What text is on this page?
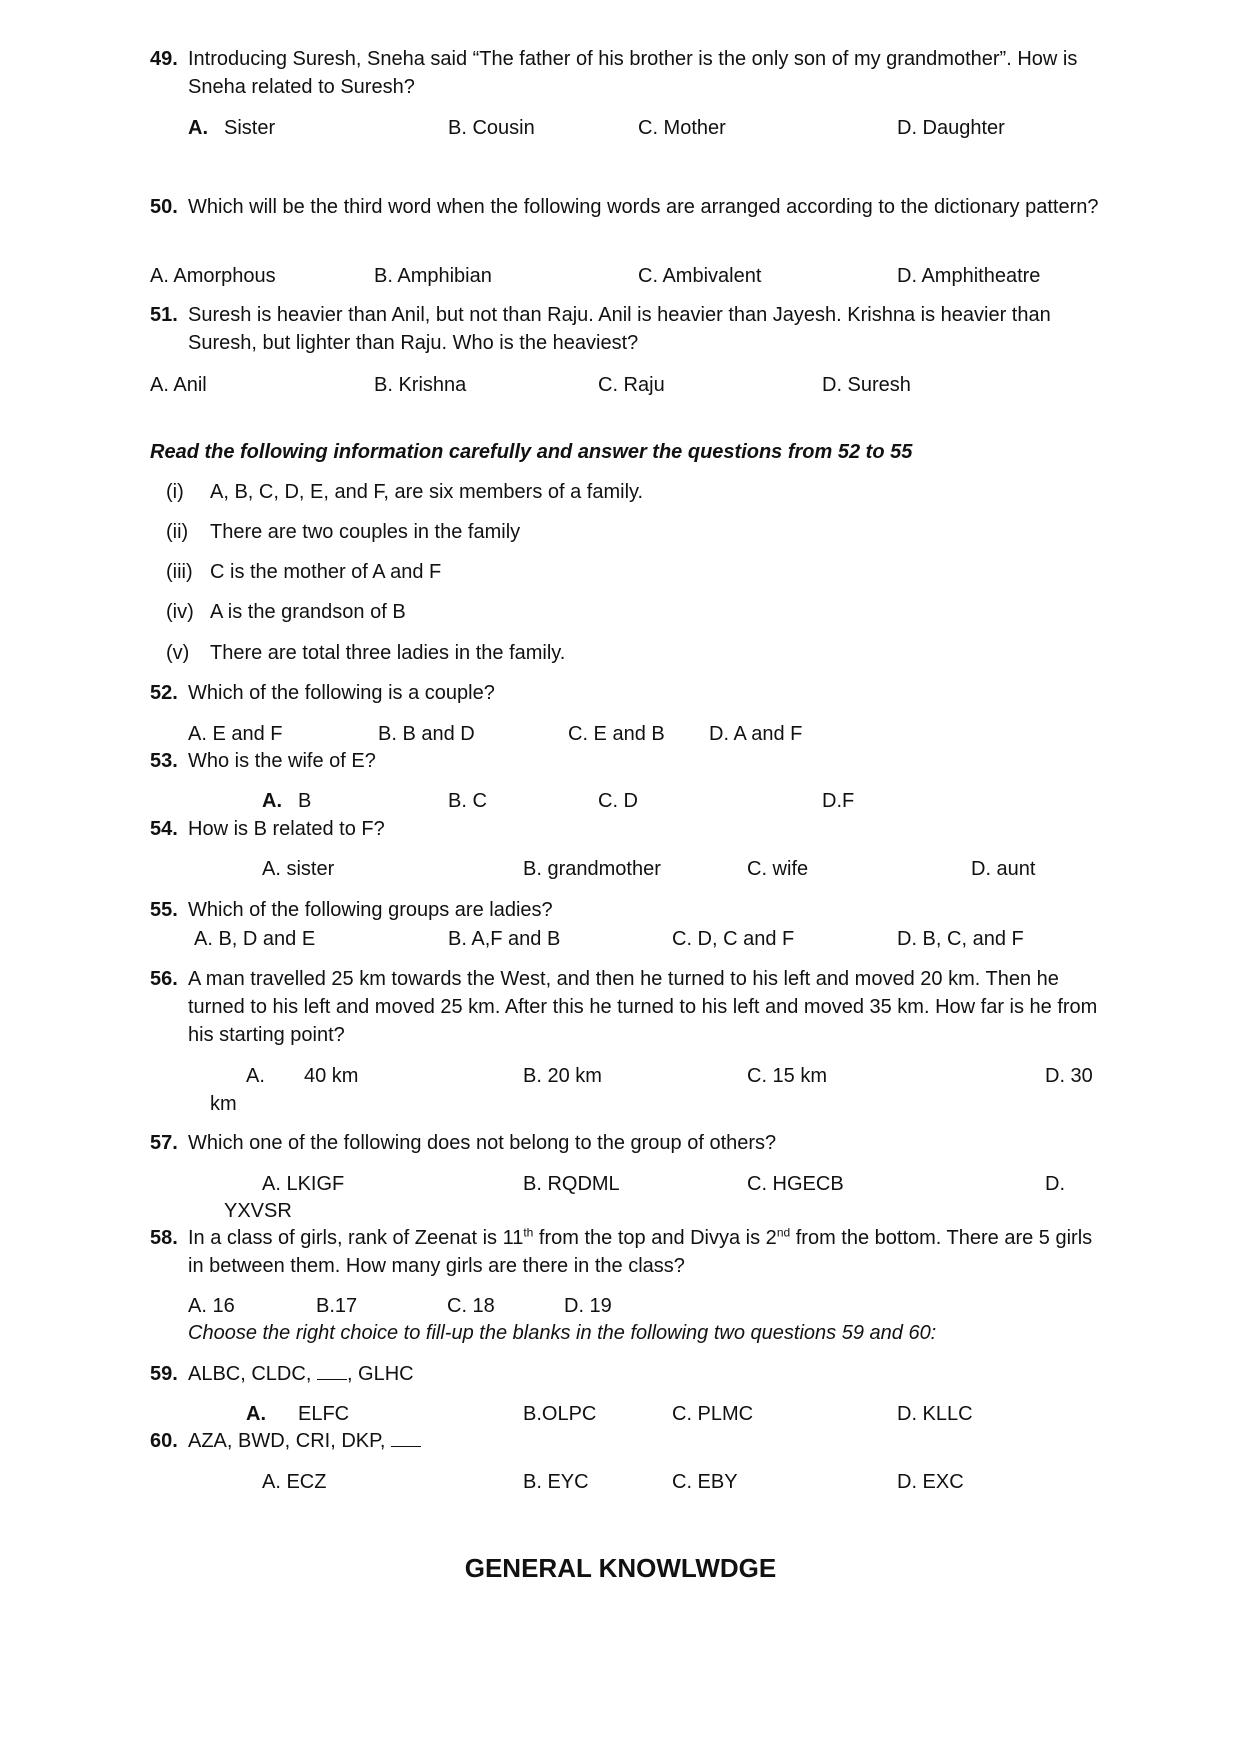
49. Introducing Suresh, Sneha said “The father of his brother is the only son of my grandmother”. How is Sneha related to Suresh?
A. Sister	B. Cousin	C. Mother	D. Daughter
50. Which will be the third word when the following words are arranged according to the dictionary pattern?
A. Amorphous	B. Amphibian	C. Ambivalent	D. Amphitheatre
51. Suresh is heavier than Anil, but not than Raju. Anil is heavier than Jayesh. Krishna is heavier than Suresh, but lighter than Raju. Who is the heaviest?
A. Anil	B. Krishna	C. Raju	D. Suresh
Read the following information carefully and answer the questions from 52 to 55
(i) A, B, C, D, E, and F, are six members of a family.
(ii) There are two couples in the family
(iii) C is the mother of A and F
(iv) A is the grandson of B
(v) There are total three ladies in the family.
52. Which of the following is a couple?
A. E and F	B. B and D	C. E and B D. A and F
53. Who is the wife of E?
A. B	B. C	C. D	D.F
54. How is B related to F?
A. sister	B. grandmother	C. wife	D. aunt
55. Which of the following groups are ladies?
A. B, D and E	B. A,F and B	C. D, C and F	D. B, C, and F
56. A man travelled 25 km towards the West, and then he turned to his left and moved 20 km. Then he turned to his left and moved 25 km. After this he turned to his left and moved 35 km. How far is he from his starting point?
A. 40 km	B. 20 km	C. 15 km	D. 30
km
57. Which one of the following does not belong to the group of others?
A. LKIGF	B. RQDML	C. HGECB	D.
YXVSR
58. In a class of girls, rank of Zeenat is 11th from the top and Divya is 2nd from the bottom. There are 5 girls in between them. How many girls are there in the class?
A. 16	B.17	C. 18	D. 19
Choose the right choice to fill-up the blanks in the following two questions 59 and 60:
59. ALBC, CLDC, , GLHC
A. ELFC	B.OLPC	C. PLMC	D. KLLC
60. AZA, BWD, CRI, DKP,
A. ECZ	B. EYC	C. EBY	D. EXC
GENERAL KNOWLWDGE
